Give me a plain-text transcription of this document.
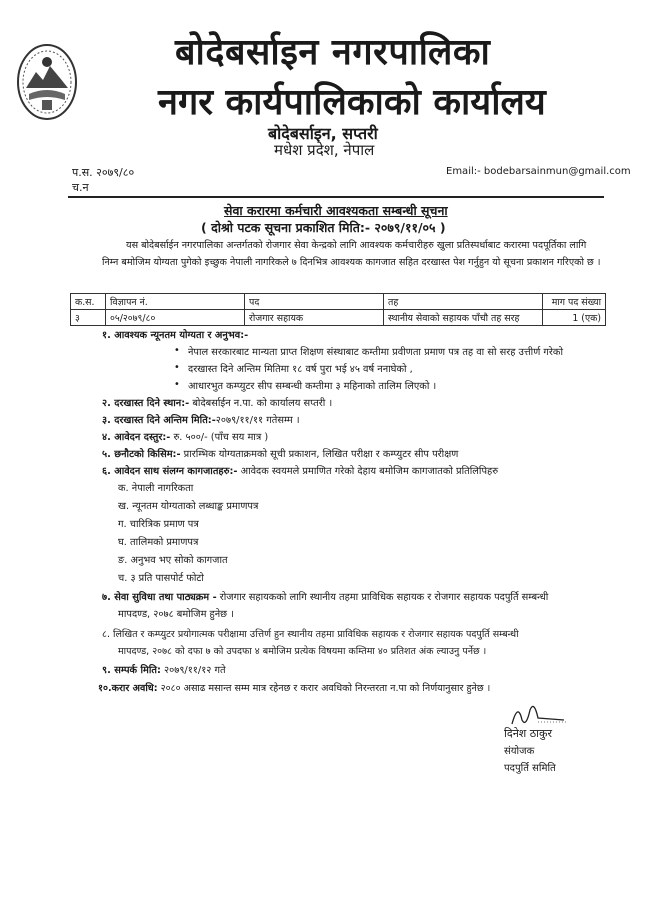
बोदेबर्साइन नगरपालिका
नगर कार्यपालिकाको कार्यालय
बोदेबर्साइन, सप्तरी
मधेश प्रदेश, नेपाल
प.स. २०७९/८०
च.न
Email:- bodebarsainmun@gmail.com
सेवा करारमा कर्मचारी आवश्यकता सम्बन्धी सूचना
( दोश्रो पटक सूचना प्रकाशित मिति:- २०७९/११/०५ )
यस बोदेबर्साईन नगरपालिका अन्तर्गतको रोजगार सेवा केन्द्रको लागि आवश्यक कर्मचारीहरु खुला प्रतिस्पर्धाबाट करारमा पदपूर्तिका लागि निम्न बमोजिम योग्यता पुगेको इच्छुक नेपाली नागरिकले ७ दिनभित्र आवश्यक कागजात सहित दरखास्त पेश गर्नुहुन यो सूचना प्रकाशन गरिएको छ ।
क.स.	विज्ञापन नं.	पद	तह	माग पद संख्या
३	०५/२०७९/८०	रोजगार सहायक	स्थानीय सेवाको सहायक पाँचौ तह सरह	1 (एक)
१. आवश्यक न्यूनतम योग्यता र अनुभव:-
• नेपाल सरकारबाट मान्यता प्राप्त शिक्षण संस्थाबाट कम्तीमा प्रवीणता प्रमाण पत्र तह वा सो सरह उत्तीर्ण गरेको
• दरखास्त दिने अन्तिम मितिमा १८ वर्ष पुरा भई ४५ वर्ष ननाघेको ,
• आधारभुत कम्प्युटर सीप सम्बन्धी कम्तीमा ३ महिनाको तालिम लिएको ।
२. दरखास्त दिने स्थान:- बोदेबर्साईन न.पा. को कार्यालय सप्तरी ।
३. दरखास्त दिने अन्तिम मिति:-२०७९/११/११ गतेसम्म ।
४. आवेदन दस्तुर:- रु. ५००/- (पाँच सय मात्र )
५. छनौटको किसिम:- प्रारम्भिक योग्यताक्रमको सूची प्रकाशन, लिखित परीक्षा र कम्प्युटर सीप परीक्षण
६. आवेदन साथ संलग्न कागजातहरु:- आवेदक स्वयमले प्रमाणित गरेको देहाय बमोजिम कागजातको प्रतिलिपिहरु
क. नेपाली नागरिकता
ख. न्यूनतम योग्यताको लब्धाङ्क प्रमाणपत्र
ग. चारित्रिक प्रमाण पत्र
घ. तालिमको प्रमाणपत्र
ङ. अनुभव भए सोको कागजात
च. ३ प्रति पासपोर्ट फोटो
७. सेवा सुविधा तथा पाठ्यक्रम - रोजगार सहायकको लागि स्थानीय तहमा प्राविधिक सहायक र रोजगार सहायक पदपुर्ति सम्बन्धी
मापदण्ड, २०७८ बमोजिम हुनेछ ।
८. लिखित र कम्प्युटर प्रयोगात्मक परीक्षामा उत्तिर्ण हुन स्थानीय तहमा प्राविधिक सहायक र रोजगार सहायक पदपुर्ति सम्बन्धी
मापदण्ड, २०७८ को दफा ७ को उपदफा ४ बमोजिम प्रत्येक विषयमा कम्तिमा ४० प्रतिशत अंक ल्याउनु पर्नेछ ।
९. सम्पर्क मिति: २०७९/११/१२ गते
१०.करार अवधि: २०८० असाढ मसान्त सम्म मात्र रहेनछ र करार अवधिको निरन्तरता न.पा को निर्णयानुसार हुनेछ ।
दिनेश ठाकुर
संयोजक
पदपुर्ति समिति
